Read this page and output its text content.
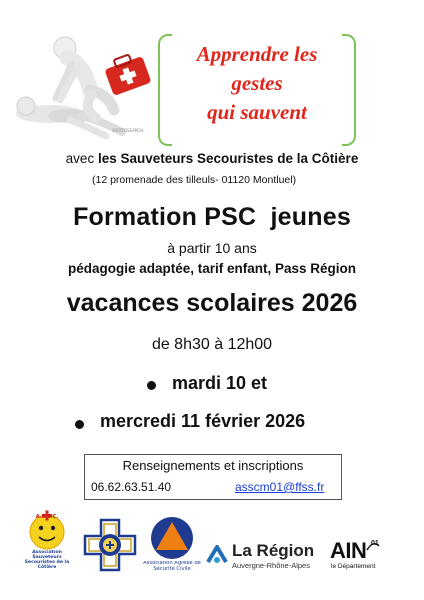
©FOTOSEARCH
Apprendre les
gestes
qui sauvent
avec les Sauveteurs Secouristes de la Côtière
(12 promenade des tilleuls- 01120 Montluel)
Formation PSC  jeunes
à partir 10 ans
pédagogie adaptée, tarif enfant, Pass Région
vacances scolaires 2026
de 8h30 à 12h00
mardi 10 et
mercredi 11 février 2026
Renseignements et inscriptions
06.62.63.51.40	asscm01@ffss.fr
A.S.S.C.
Association Sauveteurs Secouristes de la Côtière
Association Agréée de Sécurité Civile
La Région
Auvergne-Rhône-Alpes
AIN 01
le Département
